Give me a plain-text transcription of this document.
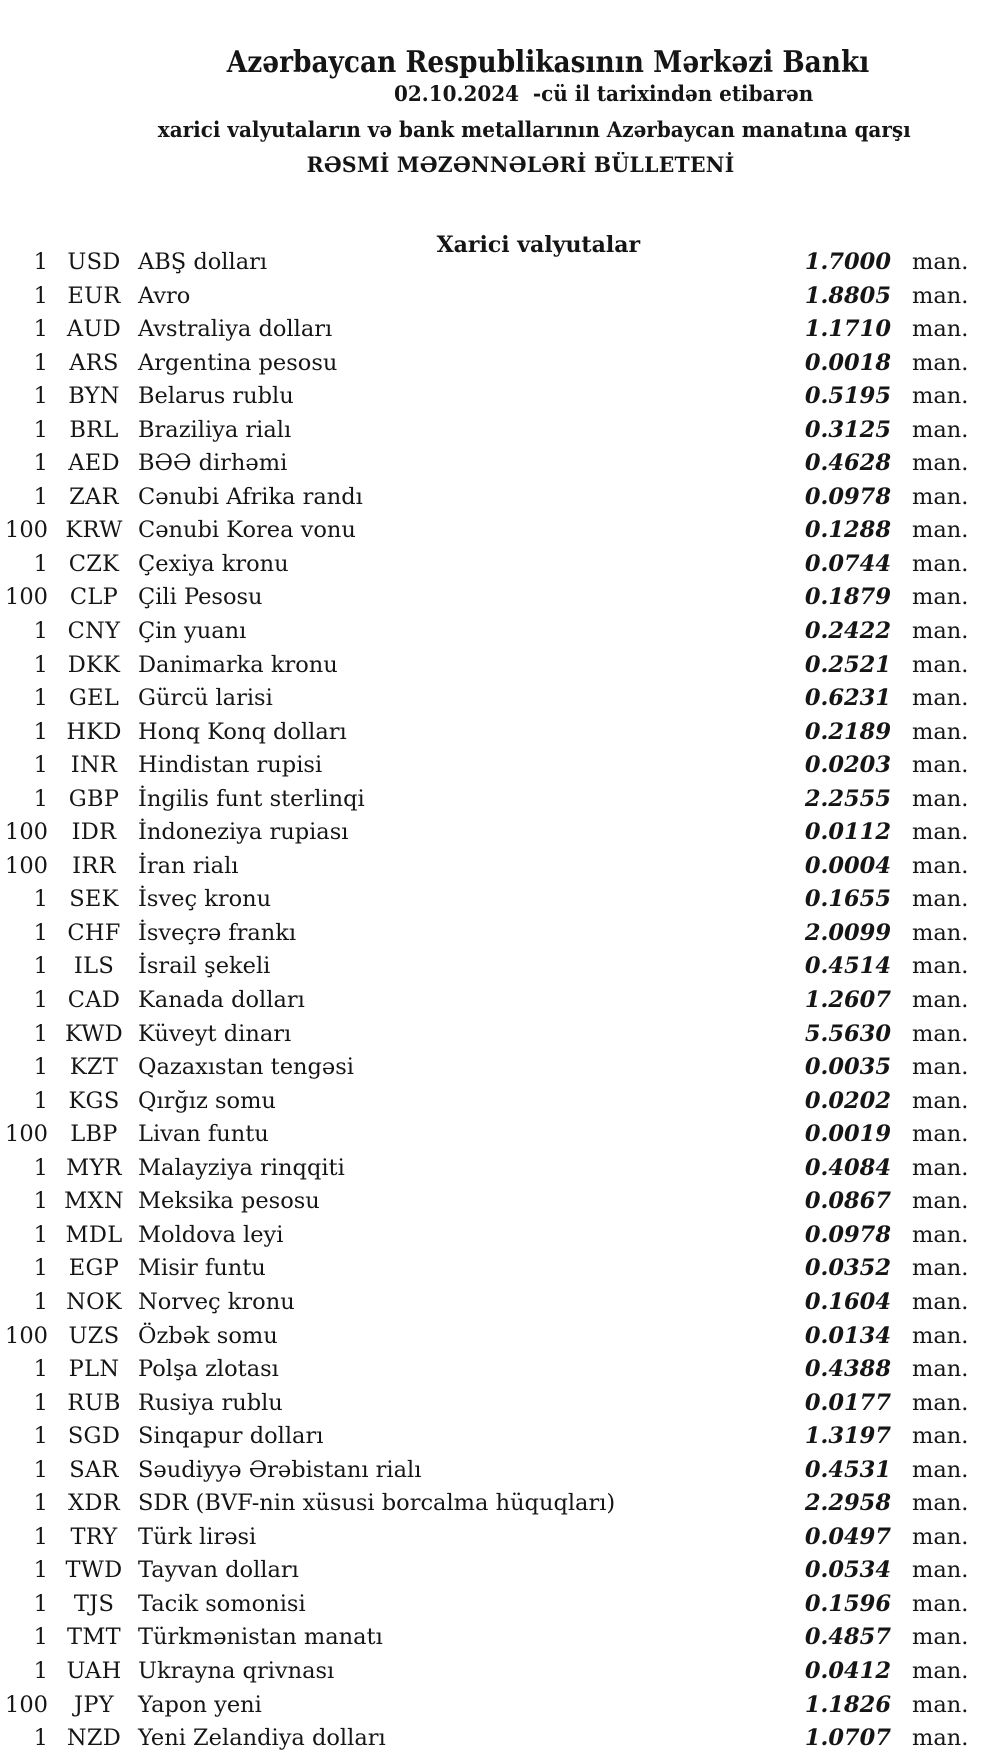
Azərbaycan Respublikasının Mərkəzi Bankı

02.10.2024  -cü il tarixindən etibarən

xarici valyutaların və bank metallarının Azərbaycan manatına qarşı

RƏSMİ MƏZƏNNƏLƏRİ BÜLLETENİ

Xarici valyutalar

1 USD ABŞ dolları	1.7000 man.
1 EUR Avro	1.8805 man.
1 AUD Avstraliya dolları	1.1710 man.
1 ARS Argentina pesosu	0.0018 man.
1 BYN Belarus rublu	0.5195 man.
1 BRL Braziliya rialı	0.3125 man.
1 AED BƏƏ dirhəmi	0.4628 man.
1 ZAR Cənubi Afrika randı	0.0978 man.
100 KRW Cənubi Korea vonu	0.1288 man.
1 CZK Çexiya kronu	0.0744 man.
100 CLP Çili Pesosu	0.1879 man.
1 CNY Çin yuanı	0.2422 man.
1 DKK Danimarka kronu	0.2521 man.
1 GEL Gürcü larisi	0.6231 man.
1 HKD Honq Konq dolları	0.2189 man.
1	INR Hindistan rupisi	0.0203 man.
1 GBP İngilis funt sterlinqi	2.2555 man.
100	IDR İndoneziya rupiası	0.0112 man.
100	IRR İran rialı	0.0004 man.
1 SEK İsveç kronu	0.1655 man.
1 CHF İsveçrə frankı	2.0099 man.
1	ILS	İsrail şekeli	0.4514 man.
1 CAD Kanada dolları	1.2607 man.
1 KWD Küveyt dinarı	5.5630 man.
1 KZT Qazaxıstan tengəsi	0.0035 man.
1 KGS Qırğız somu	0.0202 man.
100 LBP Livan funtu	0.0019 man.
1 MYR Malayziya rinqqiti	0.4084 man.
1 MXN Meksika pesosu	0.0867 man.
1 MDL Moldova leyi	0.0978 man.
1 EGP Misir funtu	0.0352 man.
1 NOK Norveç kronu	0.1604 man.
100 UZS Özbək somu	0.0134 man.
1 PLN Polşa zlotası	0.4388 man.
1 RUB Rusiya rublu	0.0177 man.
1 SGD Sinqapur dolları	1.3197 man.
1 SAR Səudiyyə Ərəbistanı rialı	0.4531 man.
1 XDR SDR (BVF-nin xüsusi borcalma hüquqları)	2.2958 man.
1 TRY Türk lirəsi	0.0497 man.
1 TWD Tayvan dolları	0.0534 man.
1	TJS	Tacik somonisi	0.1596 man.
1 TMT Türkmənistan manatı	0.4857 man.
1 UAH Ukrayna qrivnası	0.0412 man.
100	JPY	Yapon yeni	1.1826 man.
1 NZD Yeni Zelandiya dolları	1.0707 man.
